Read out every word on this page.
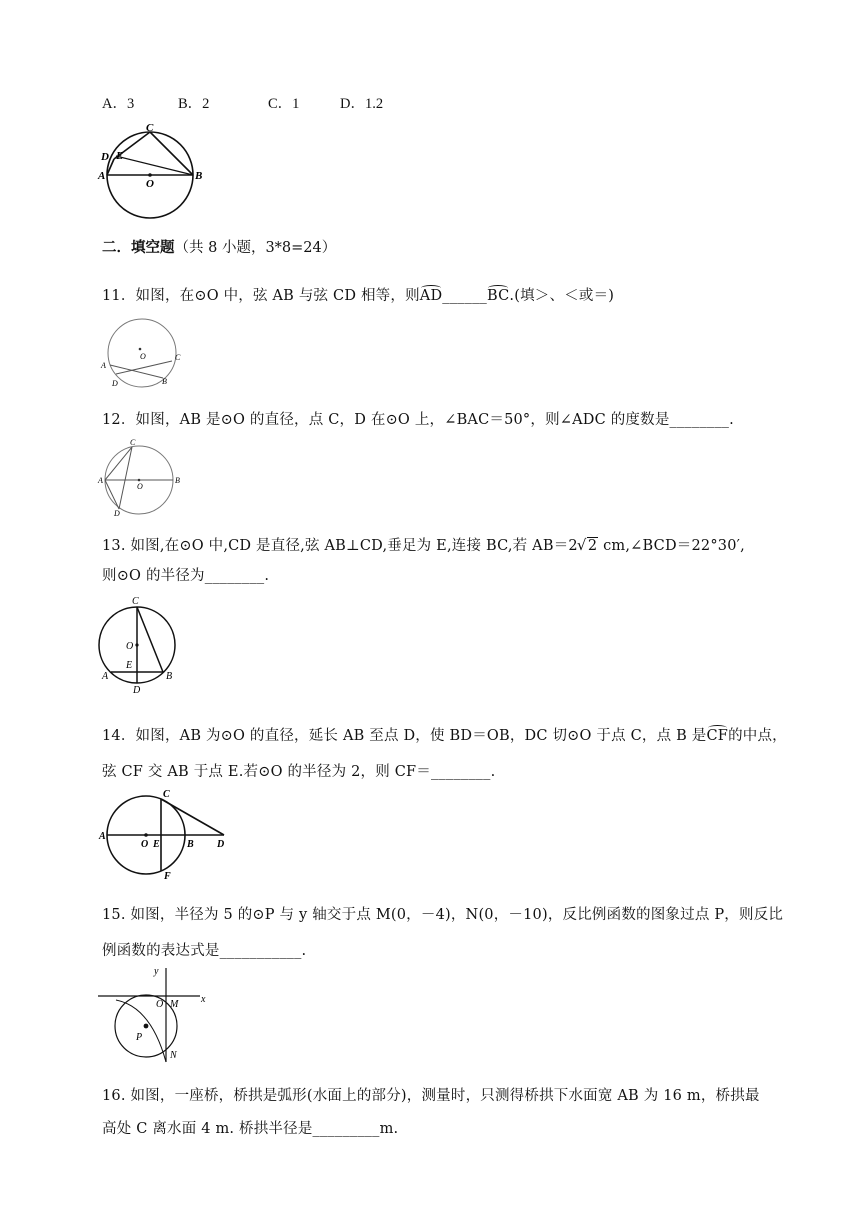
A．3	B．2	C．1	D．1.2
C
D E
A
O
B
二．填空题（共 8 小题，3*8=24）
11．如图，在⊙O 中，弦 AB 与弦 CD 相等，则AD______BC.(填＞、＜或＝)
O
A
C
D	B
12．如图，AB 是⊙O 的直径，点 C，D 在⊙O 上，∠BAC＝50°，则∠ADC 的度数是________.
C
A
O
B
D
13. 如图,在⊙O 中,CD 是直径,弦 AB⊥CD,垂足为 E,连接 BC,若 AB＝2√ 2 cm,∠BCD＝22°30′,
则⊙O 的半径为________.
C
O
E
A	B
D
14．如图，AB 为⊙O 的直径，延长 AB 至点 D，使 BD＝OB，DC 切⊙O 于点 C，点 B 是CF的中点，
弦 CF 交 AB 于点 E.若⊙O 的半径为 2，则 CF＝________.
C
A
O E	B D
F
15. 如图，半径为 5 的⊙P 与 y 轴交于点 M(0，－4)，N(0，－10)，反比例函数的图象过点 P，则反比
例函数的表达式是___________.
y
O M x
P
N
16. 如图，一座桥，桥拱是弧形(水面上的部分)，测量时，只测得桥拱下水面宽 AB 为 16 m，桥拱最
高处 C 离水面 4 m. 桥拱半径是_________m.
